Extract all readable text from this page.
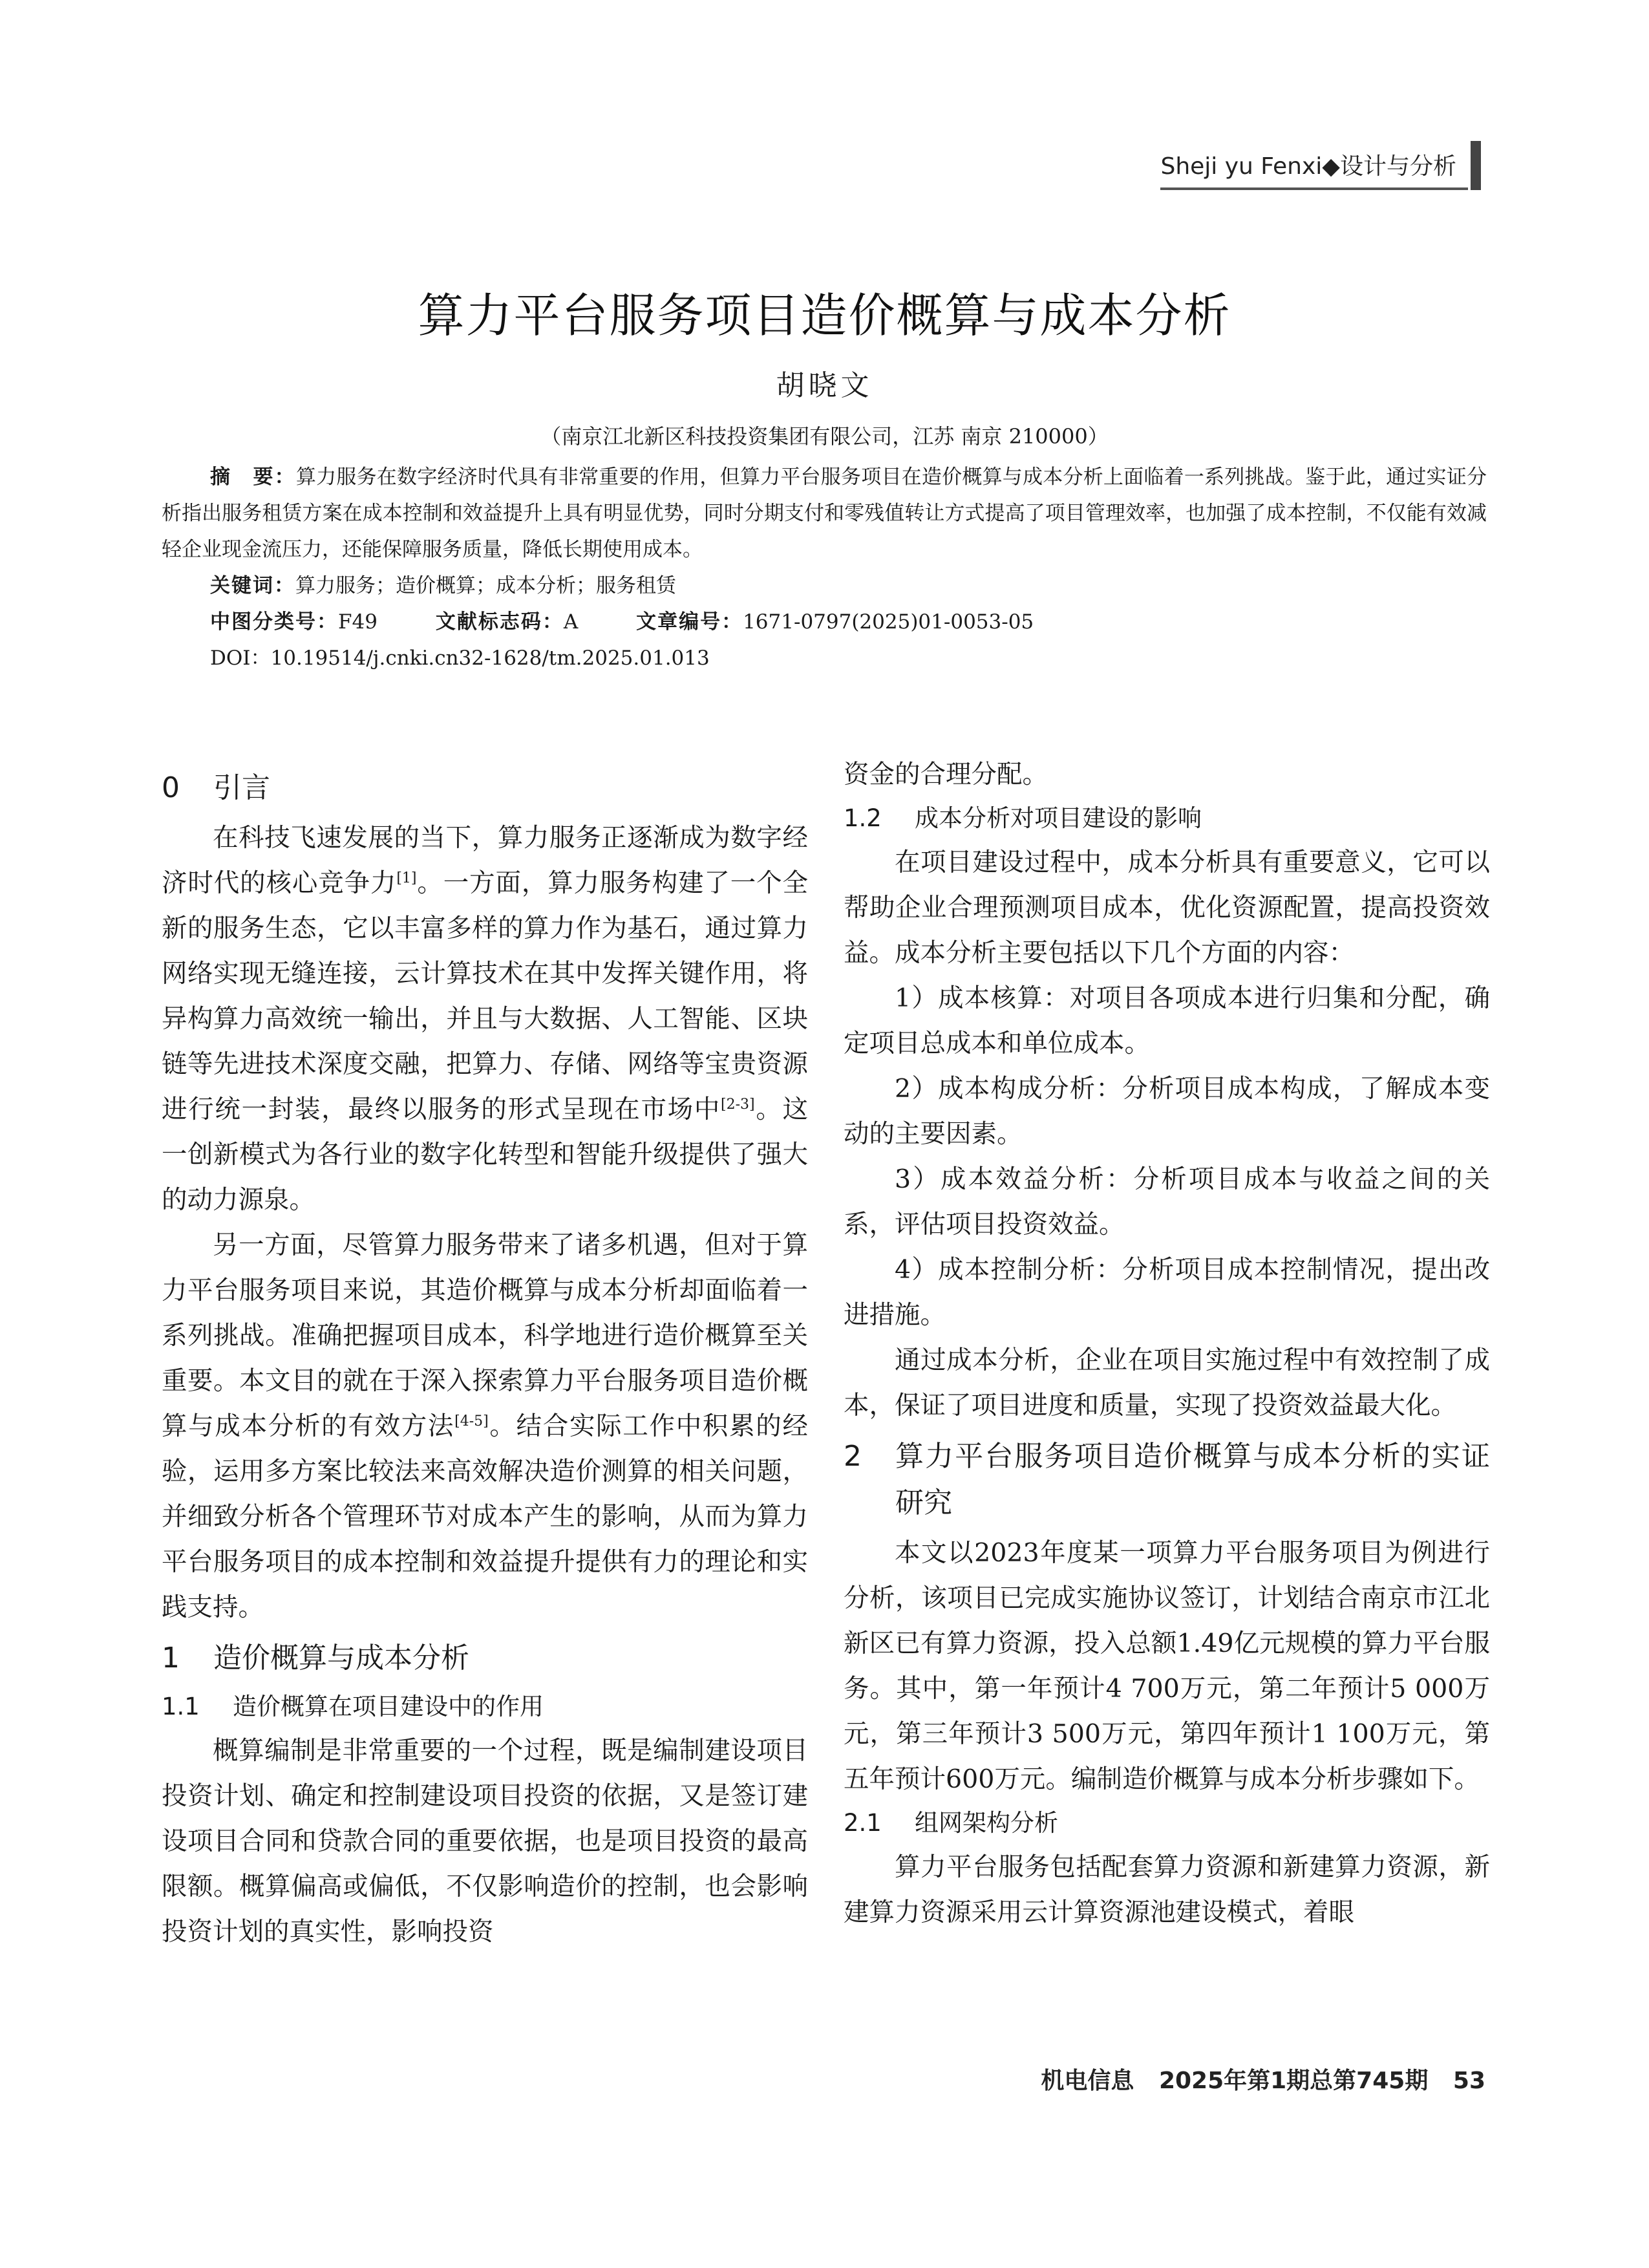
Sheji yu Fenxi◆设计与分析
算力平台服务项目造价概算与成本分析
胡晓文
（南京江北新区科技投资集团有限公司，江苏 南京 210000）
摘　要：算力服务在数字经济时代具有非常重要的作用，但算力平台服务项目在造价概算与成本分析上面临着一系列挑战。鉴于此，通过实证分析指出服务租赁方案在成本控制和效益提升上具有明显优势，同时分期支付和零残值转让方式提高了项目管理效率，也加强了成本控制，不仅能有效减轻企业现金流压力，还能保障服务质量，降低长期使用成本。
关键词：算力服务；造价概算；成本分析；服务租赁
中图分类号：F49	文献标志码：A	文章编号：1671-0797(2025)01-0053-05
DOI：10.19514/j.cnki.cn32-1628/tm.2025.01.013
0 引言

在科技飞速发展的当下，算力服务正逐渐成为数字经济时代的核心竞争力[1]。一方面，算力服务构建了一个全新的服务生态，它以丰富多样的算力作为基石，通过算力网络实现无缝连接，云计算技术在其中发挥关键作用，将异构算力高效统一输出，并且与大数据、人工智能、区块链等先进技术深度交融，把算力、存储、网络等宝贵资源进行统一封装，最终以服务的形式呈现在市场中[2-3]。这一创新模式为各行业的数字化转型和智能升级提供了强大的动力源泉。

另一方面，尽管算力服务带来了诸多机遇，但对于算力平台服务项目来说，其造价概算与成本分析却面临着一系列挑战。准确把握项目成本，科学地进行造价概算至关重要。本文目的就在于深入探索算力平台服务项目造价概算与成本分析的有效方法[4-5]。结合实际工作中积累的经验，运用多方案比较法来高效解决造价测算的相关问题，并细致分析各个管理环节对成本产生的影响，从而为算力平台服务项目的成本控制和效益提升提供有力的理论和实践支持。

1 造价概算与成本分析
1.1 造价概算在项目建设中的作用

概算编制是非常重要的一个过程，既是编制建设项目投资计划、确定和控制建设项目投资的依据，又是签订建设项目合同和贷款合同的重要依据，也是项目投资的最高限额。概算偏高或偏低，不仅影响造价的控制，也会影响投资计划的真实性，影响投资

资金的合理分配。

1.2 成本分析对项目建设的影响

在项目建设过程中，成本分析具有重要意义，它可以帮助企业合理预测项目成本，优化资源配置，提高投资效益。成本分析主要包括以下几个方面的内容：

1）成本核算：对项目各项成本进行归集和分配，确定项目总成本和单位成本。

2）成本构成分析：分析项目成本构成，了解成本变动的主要因素。

3）成本效益分析：分析项目成本与收益之间的关系，评估项目投资效益。

4）成本控制分析：分析项目成本控制情况，提出改进措施。

通过成本分析，企业在项目实施过程中有效控制了成本，保证了项目进度和质量，实现了投资效益最大化。

2	算力平台服务项目造价概算与成本分析的实证研究

本文以2023年度某一项算力平台服务项目为例进行分析，该项目已完成实施协议签订，计划结合南京市江北新区已有算力资源，投入总额1.49亿元规模的算力平台服务。其中，第一年预计4 700万元，第二年预计5 000万元，第三年预计3 500万元，第四年预计1 100万元，第五年预计600万元。编制造价概算与成本分析步骤如下。

2.1 组网架构分析

算力平台服务包括配套算力资源和新建算力资源，新建算力资源采用云计算资源池建设模式，着眼

机电信息 2025年第1期总第745期 53
